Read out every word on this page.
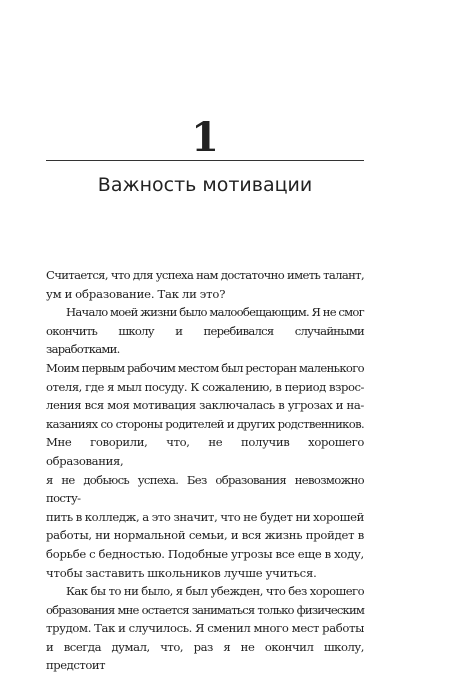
1
Важность мотивации
Считается, что для успеха нам достаточно иметь талант,
ум и образование. Так ли это?
Начало моей жизни было малообещающим. Я не смог
окончить школу и перебивался случайными заработками.
Моим первым рабочим местом был ресторан маленького
отеля, где я мыл посуду. К сожалению, в период взрос-
ления вся моя мотивация заключалась в угрозах и на-
казаниях со стороны родителей и других родственников.
Мне говорили, что, не получив хорошего образования,
я не добьюсь успеха. Без образования невозможно посту-
пить в колледж, а это значит, что не будет ни хорошей
работы, ни нормальной семьи, и вся жизнь пройдет в
борьбе с бедностью. Подобные угрозы все еще в ходу,
чтобы заставить школьников лучше учиться.
Как бы то ни было, я был убежден, что без хорошего
образования мне остается заниматься только физическим
трудом. Так и случилось. Я сменил много мест работы
и всегда думал, что, раз я не окончил школу, предстоит
